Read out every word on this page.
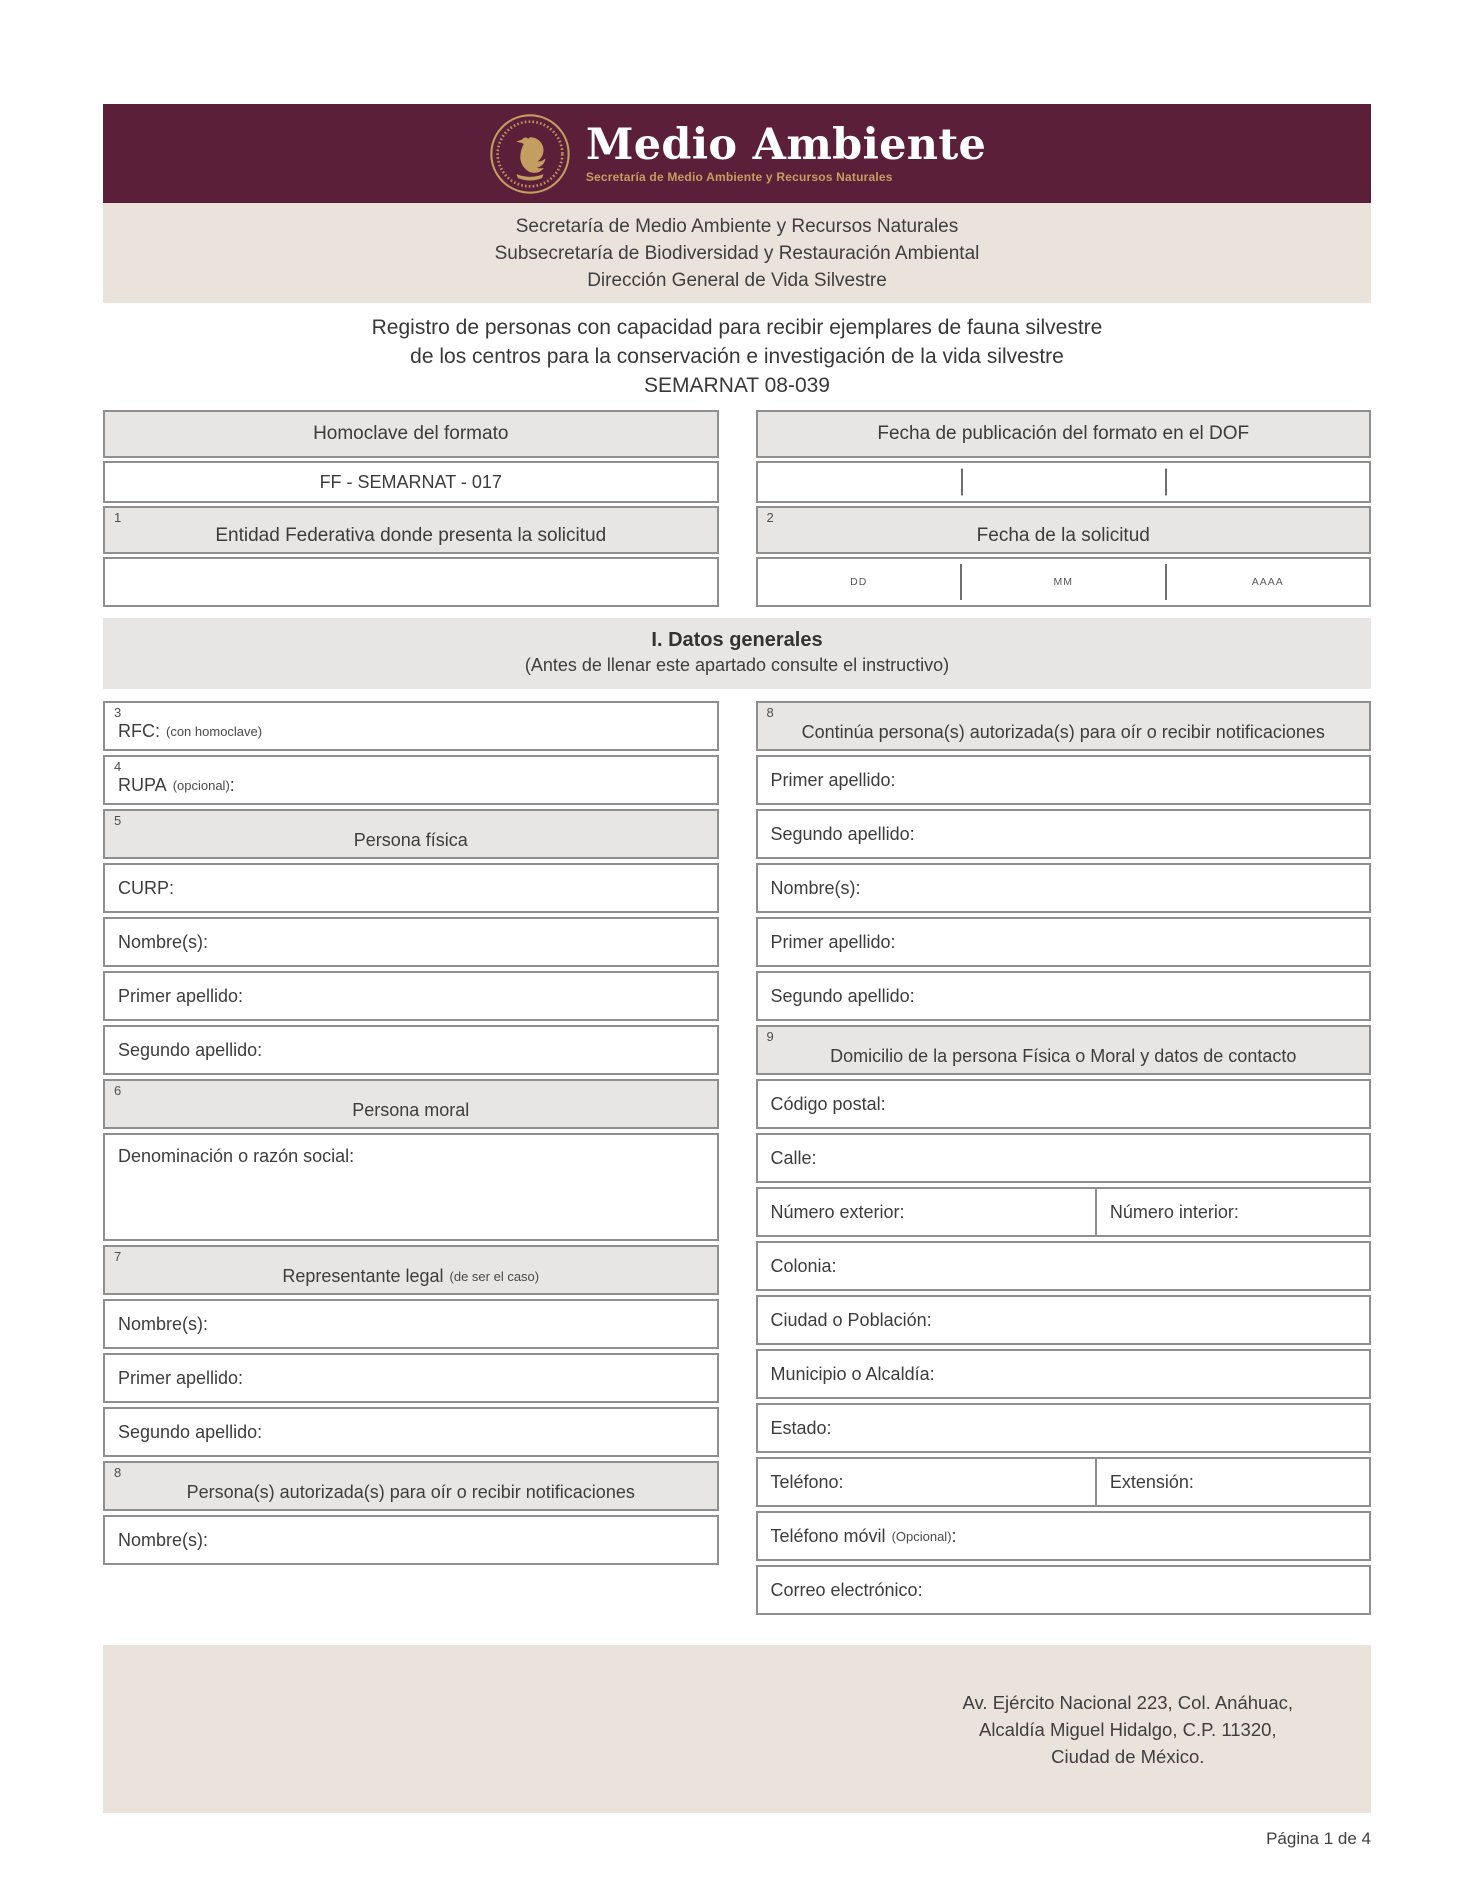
Medio Ambiente
Secretaría de Medio Ambiente y Recursos Naturales
Secretaría de Medio Ambiente y Recursos Naturales
Subsecretaría de Biodiversidad y Restauración Ambiental
Dirección General de Vida Silvestre
Registro de personas con capacidad para recibir ejemplares de fauna silvestre
de los centros para la conservación e investigación de la vida silvestre
SEMARNAT 08-039
Homoclave del formato
FF - SEMARNAT - 017
1
Entidad Federativa donde presenta la solicitud
Fecha de publicación del formato en el DOF
2
Fecha de la solicitud
DD	MM	AAAA
I. Datos generales
(Antes de llenar este apartado consulte el instructivo)
3
RFC: (con homoclave)
4
RUPA (opcional) :
5
Persona física
CURP:
Nombre(s):
Primer apellido:
Segundo apellido:
6
Persona moral
Denominación o razón social:
7
Representante legal (de ser el caso)
Nombre(s):
Primer apellido:
Segundo apellido:
8
Persona(s) autorizada(s) para oír o recibir notificaciones
Nombre(s):
8
Continúa persona(s) autorizada(s) para oír o recibir notificaciones
Primer apellido:
Segundo apellido:
Nombre(s):
Primer apellido:
Segundo apellido:
9
Domicilio de la persona Física o Moral y datos de contacto
Código postal:
Calle:
Número exterior:	Número interior:
Colonia:
Ciudad o Población:
Municipio o Alcaldía:
Estado:
Teléfono:	Extensión:
Teléfono móvil (Opcional) :
Correo electrónico:
Av. Ejército Nacional 223, Col. Anáhuac,
Alcaldía Miguel Hidalgo, C.P. 11320,
Ciudad de México.
Página 1 de 4
